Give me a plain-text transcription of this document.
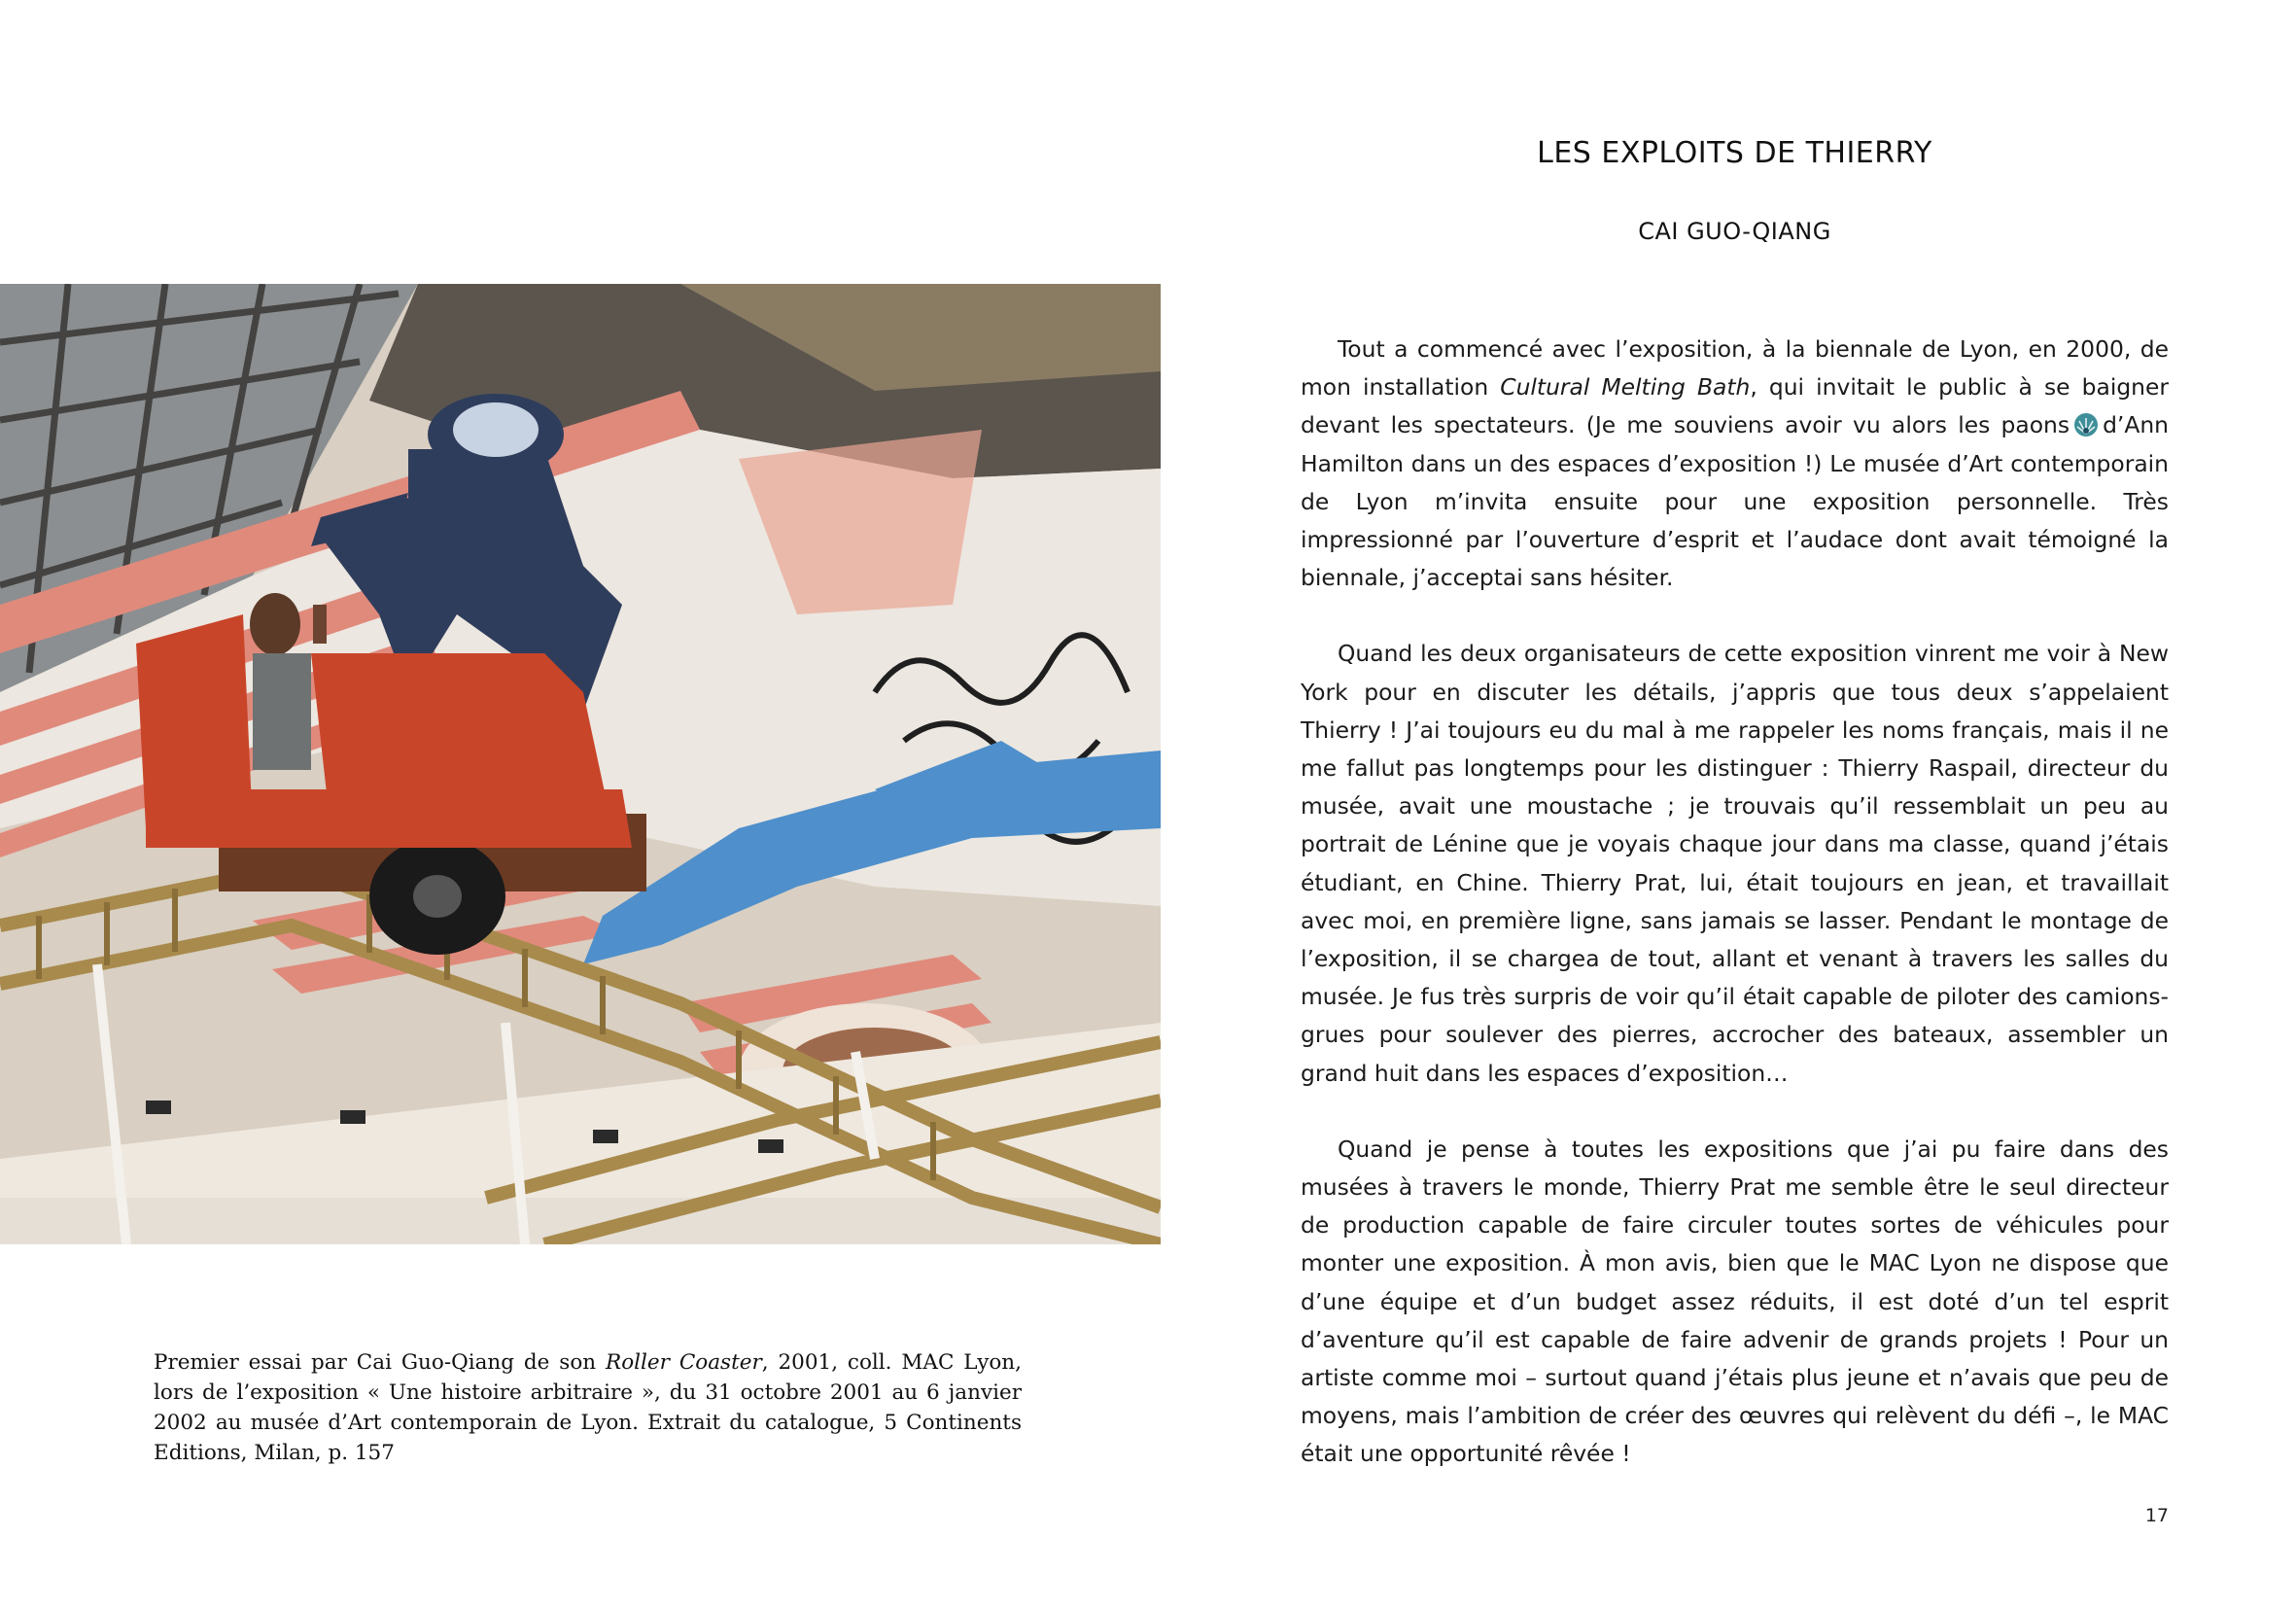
Premier essai par Cai Guo-Qiang de son Roller Coaster, 2001, coll. MAC Lyon, lors de l’exposition « Une histoire arbitraire », du 31 octobre 2001 au 6 janvier 2002 au musée d’Art contemporain de Lyon. Extrait du catalogue, 5 Continents Editions, Milan, p. 157

LES EXPLOITS DE THIERRY
CAI GUO-QIANG

Tout a commencé avec l’exposition, à la biennale de Lyon, en 2000, de mon installation Cultural Melting Bath, qui invitait le public à se baigner devant les spectateurs. (Je me souviens avoir vu alors les paons d’Ann Hamilton dans un des espaces d’exposition !) Le musée d’Art contemporain de Lyon m’invita ensuite pour une exposition personnelle. Très impressionné par l’ouverture d’esprit et l’audace dont avait témoigné la biennale, j’acceptai sans hésiter.

Quand les deux organisateurs de cette exposition vinrent me voir à New York pour en discuter les détails, j’appris que tous deux s’appelaient Thierry ! J’ai toujours eu du mal à me rappeler les noms français, mais il ne me fallut pas longtemps pour les distinguer : Thierry Raspail, directeur du musée, avait une moustache ; je trouvais qu’il ressemblait un peu au portrait de Lénine que je voyais chaque jour dans ma classe, quand j’étais étudiant, en Chine. Thierry Prat, lui, était toujours en jean, et travaillait avec moi, en première ligne, sans jamais se lasser. Pendant le montage de l’exposition, il se chargea de tout, allant et venant à travers les salles du musée. Je fus très surpris de voir qu’il était capable de piloter des camions-grues pour soulever des pierres, accrocher des bateaux, assembler un grand huit dans les espaces d’exposition…

Quand je pense à toutes les expositions que j’ai pu faire dans des musées à travers le monde, Thierry Prat me semble être le seul directeur de production capable de faire circuler toutes sortes de véhicules pour monter une exposition. À mon avis, bien que le MAC Lyon ne dispose que d’une équipe et d’un budget assez réduits, il est doté d’un tel esprit d’aventure qu’il est capable de faire advenir de grands projets ! Pour un artiste comme moi – surtout quand j’étais plus jeune et n’avais que peu de moyens, mais l’ambition de créer des œuvres qui relèvent du défi –, le MAC était une opportunité rêvée !

17
